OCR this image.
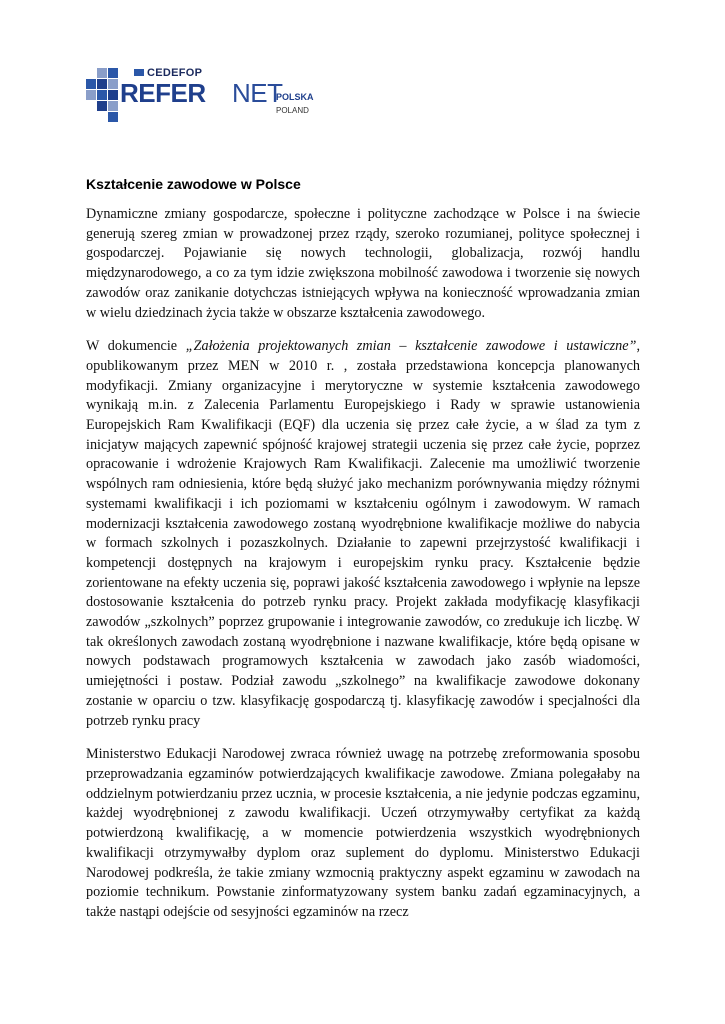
CEDEFOP
REFER NET
POLSKA
POLAND
Kształcenie zawodowe w Polsce

Dynamiczne zmiany gospodarcze, społeczne i polityczne zachodzące w Polsce i na świecie generują szereg zmian w prowadzonej przez rządy, szeroko rozumianej, polityce społecznej i gospodarczej. Pojawianie się nowych technologii, globalizacja, rozwój handlu międzynarodowego, a co za tym idzie zwiększona mobilność zawodowa i tworzenie się nowych zawodów oraz zanikanie dotychczas istniejących wpływa na konieczność wprowadzania zmian w wielu dziedzinach życia także w obszarze kształcenia zawodowego.

W dokumencie „Założenia projektowanych zmian – kształcenie zawodowe i ustawiczne”, opublikowanym przez MEN w 2010 r. , została przedstawiona koncepcja planowanych modyfikacji. Zmiany organizacyjne i merytoryczne w systemie kształcenia zawodowego wynikają m.in. z Zalecenia Parlamentu Europejskiego i Rady w sprawie ustanowienia Europejskich Ram Kwalifikacji (EQF) dla uczenia się przez całe życie, a w ślad za tym z inicjatyw mających zapewnić spójność krajowej strategii uczenia się przez całe życie, poprzez opracowanie i wdrożenie Krajowych Ram Kwalifikacji. Zalecenie ma umożliwić tworzenie wspólnych ram odniesienia, które będą służyć jako mechanizm porównywania między różnymi systemami kwalifikacji i ich poziomami w kształceniu ogólnym i zawodowym. W ramach modernizacji kształcenia zawodowego zostaną wyodrębnione kwalifikacje możliwe do nabycia w formach szkolnych i pozaszkolnych. Działanie to zapewni przejrzystość kwalifikacji i kompetencji dostępnych na krajowym i europejskim rynku pracy. Kształcenie będzie zorientowane na efekty uczenia się, poprawi jakość kształcenia zawodowego i wpłynie na lepsze dostosowanie kształcenia do potrzeb rynku pracy. Projekt zakłada modyfikację klasyfikacji zawodów „szkolnych” poprzez grupowanie i integrowanie zawodów, co zredukuje ich liczbę. W tak określonych zawodach zostaną wyodrębnione i nazwane kwalifikacje, które będą opisane w nowych podstawach programowych kształcenia w zawodach jako zasób wiadomości, umiejętności i postaw. Podział zawodu „szkolnego” na kwalifikacje zawodowe dokonany zostanie w oparciu o tzw. klasyfikację gospodarczą tj. klasyfikację zawodów i specjalności dla potrzeb rynku pracy

Ministerstwo Edukacji Narodowej zwraca również uwagę na potrzebę zreformowania sposobu przeprowadzania egzaminów potwierdzających kwalifikacje zawodowe. Zmiana polegałaby na oddzielnym potwierdzaniu przez ucznia, w procesie kształcenia, a nie jedynie podczas egzaminu, każdej wyodrębnionej z zawodu kwalifikacji. Uczeń otrzymywałby certyfikat za każdą potwierdzoną kwalifikację, a w momencie potwierdzenia wszystkich wyodrębnionych kwalifikacji otrzymywałby dyplom oraz suplement do dyplomu. Ministerstwo Edukacji Narodowej podkreśla, że takie zmiany wzmocnią praktyczny aspekt egzaminu w zawodach na poziomie technikum. Powstanie zinformatyzowany system banku zadań egzaminacyjnych, a także nastąpi odejście od sesyjności egzaminów na rzecz
